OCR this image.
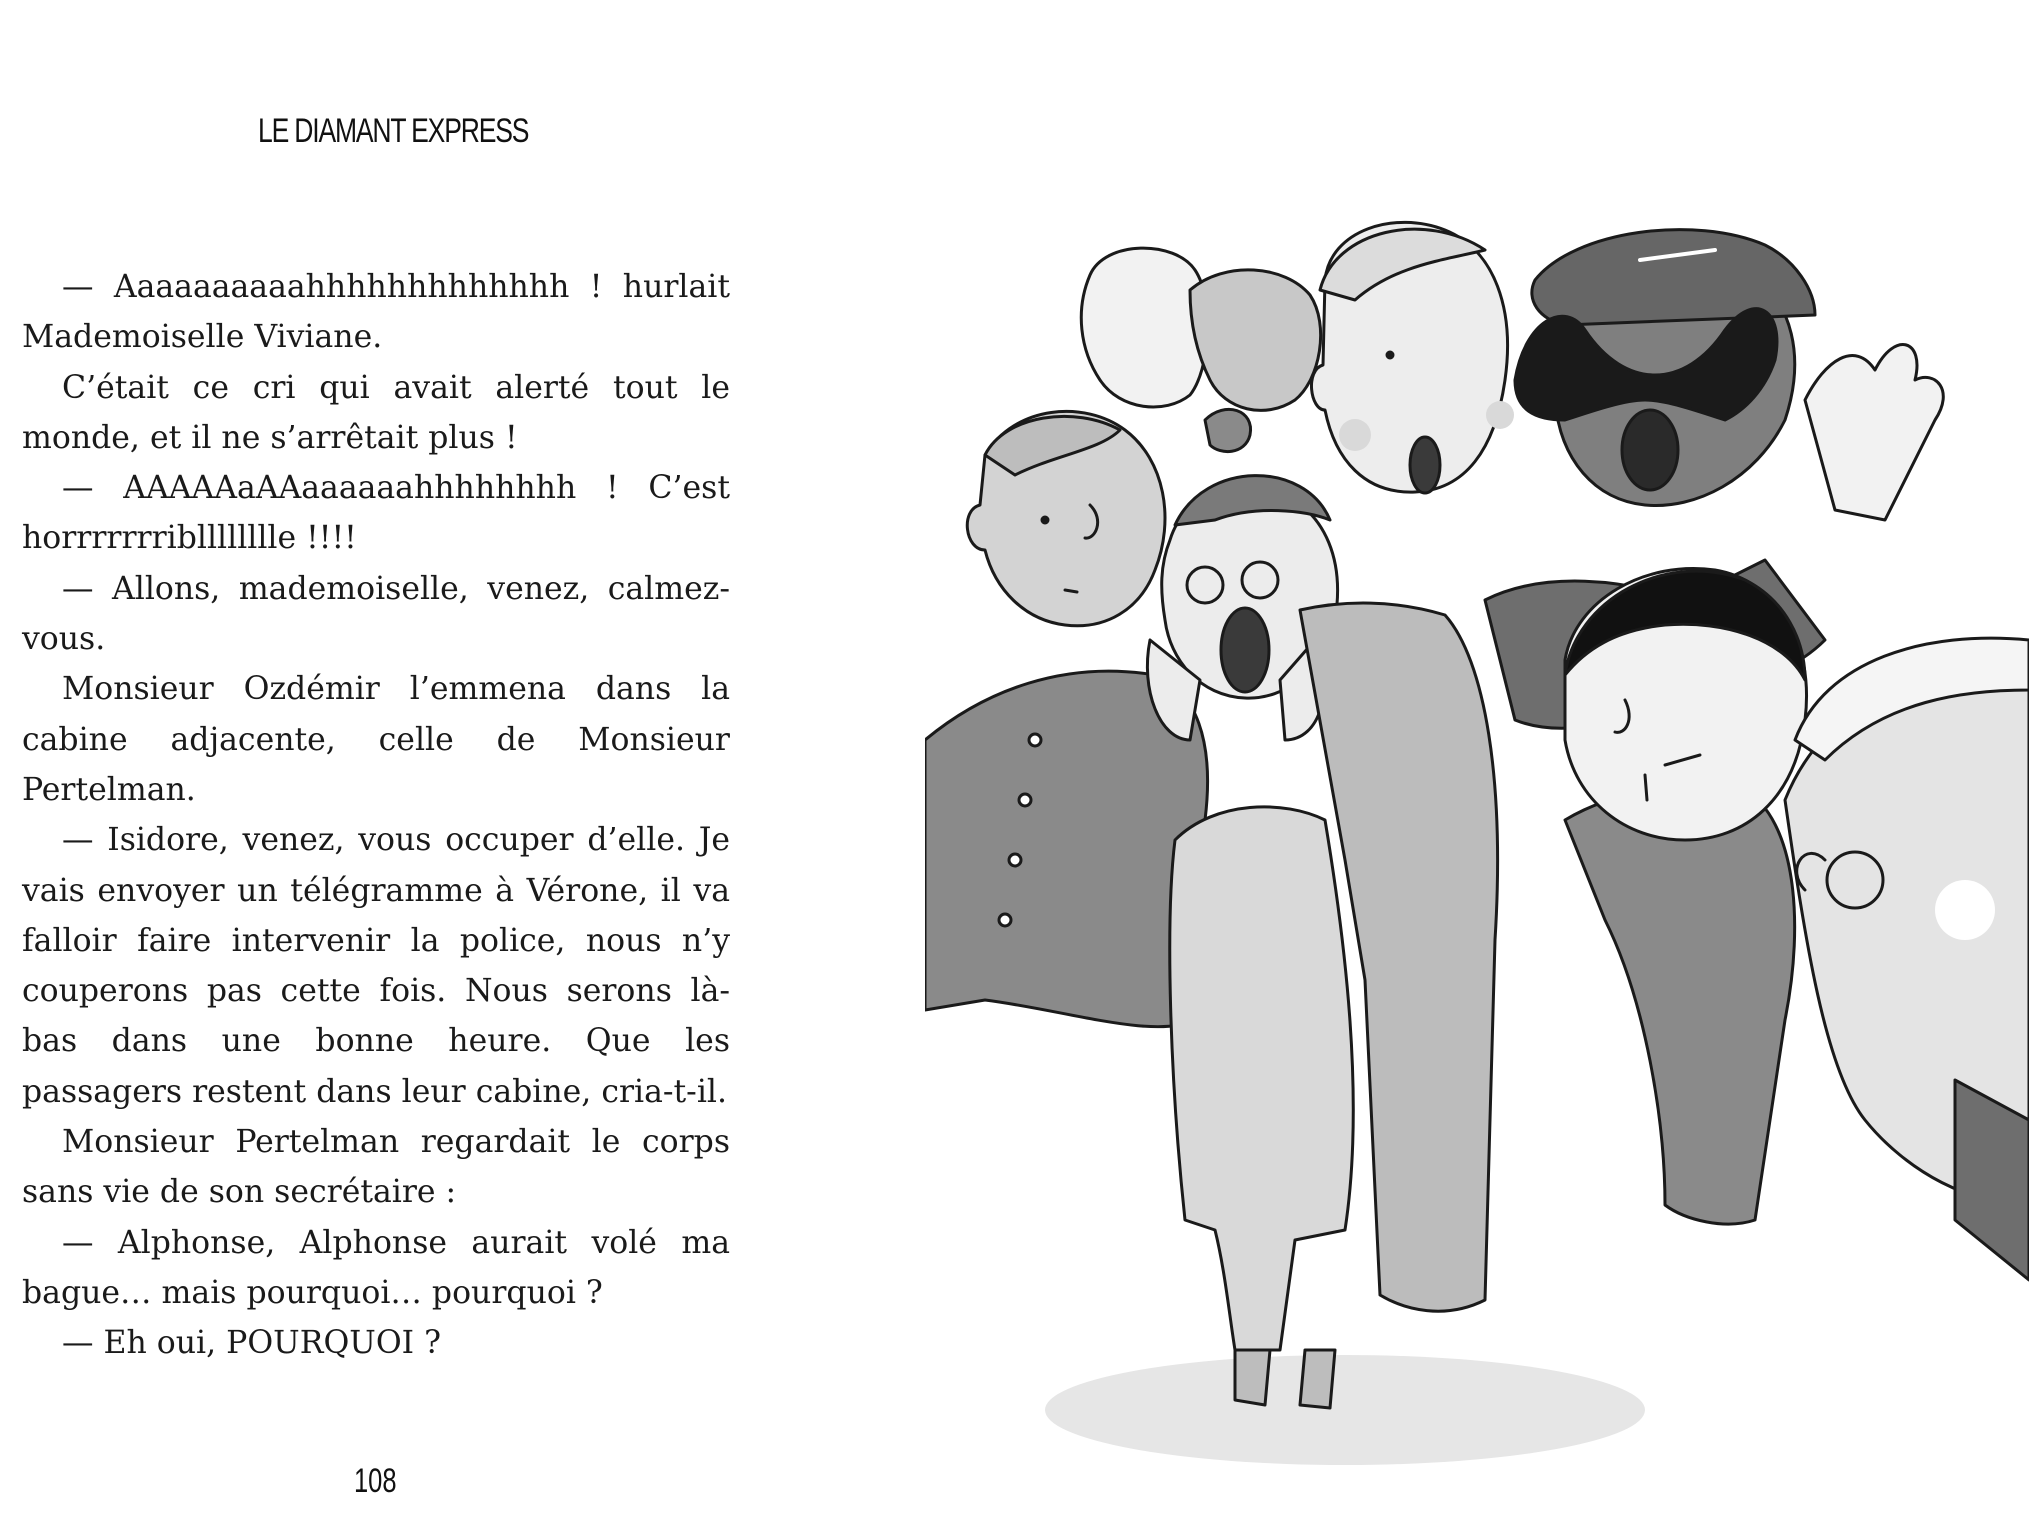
LE DIAMANT EXPRESS

— Aaaaaaaaaahhhhhhhhhhhhh ! hurlait Mademoiselle Viviane.

C’était ce cri qui avait alerté tout le monde, et il ne s’arrêtait plus !

— AAAAAaAAaaaaaahhhhhhhh ! C’est horrrrrrriblllllllle !!!!

— Allons, mademoiselle, venez, calmez-vous.

Monsieur Ozdémir l’emmena dans la cabine adjacente, celle de Monsieur Pertelman.

— Isidore, venez, vous occuper d’elle. Je vais envoyer un télégramme à Vérone, il va falloir faire intervenir la police, nous n’y couperons pas cette fois. Nous serons là-bas dans une bonne heure. Que les passagers restent dans leur cabine, cria-t-il.

Monsieur Pertelman regardait le corps sans vie de son secrétaire :

— Alphonse, Alphonse aurait volé ma bague… mais pourquoi… pourquoi ?

— Eh oui, POURQUOI ?

108
